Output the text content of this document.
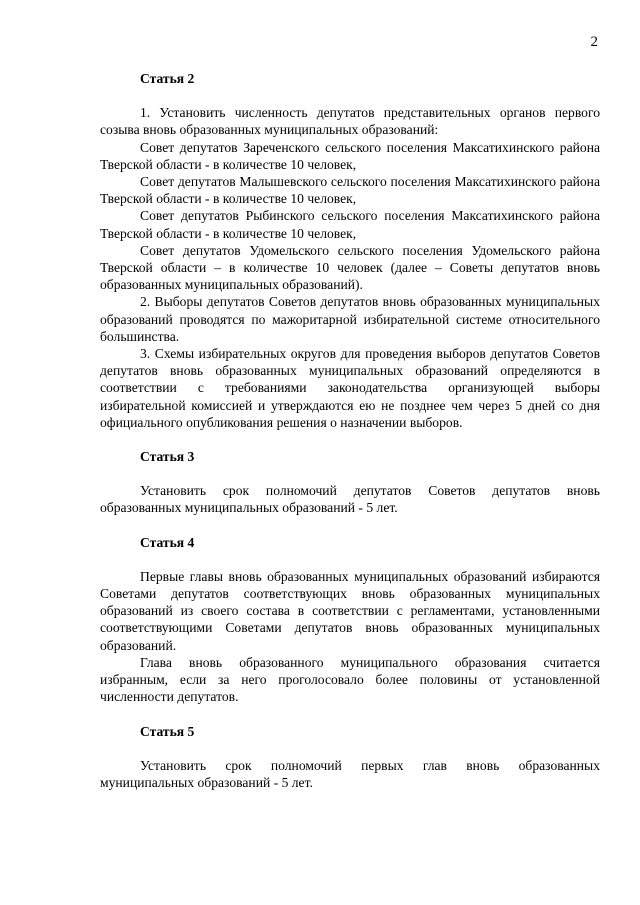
2
Статья 2

1. Установить численность депутатов представительных органов первого созыва вновь образованных муниципальных образований:

Совет депутатов Зареченского сельского поселения Максатихинского района Тверской области - в количестве 10 человек,

Совет депутатов Малышевского сельского поселения Максатихинского района Тверской области - в количестве 10 человек,

Совет депутатов Рыбинского сельского поселения Максатихинского района Тверской области - в количестве 10 человек,

Совет депутатов Удомельского сельского поселения Удомельского района Тверской области – в количестве 10 человек (далее – Советы депутатов вновь образованных муниципальных образований).

2. Выборы депутатов Советов депутатов вновь образованных муниципальных образований проводятся по мажоритарной избирательной системе относительного большинства.

3. Схемы избирательных округов для проведения выборов депутатов Советов депутатов вновь образованных муниципальных образований определяются в соответствии с требованиями законодательства организующей выборы избирательной комиссией и утверждаются ею не позднее чем через 5 дней со дня официального опубликования решения о назначении выборов.

Статья 3

Установить срок полномочий депутатов Советов депутатов вновь образованных муниципальных образований - 5 лет.

Статья 4

Первые главы вновь образованных муниципальных образований избираются Советами депутатов соответствующих вновь образованных муниципальных образований из своего состава в соответствии с регламентами, установленными соответствующими Советами депутатов вновь образованных муниципальных образований.

Глава вновь образованного муниципального образования считается избранным, если за него проголосовало более половины от установленной численности депутатов.

Статья 5

Установить срок полномочий первых глав вновь образованных муниципальных образований - 5 лет.
